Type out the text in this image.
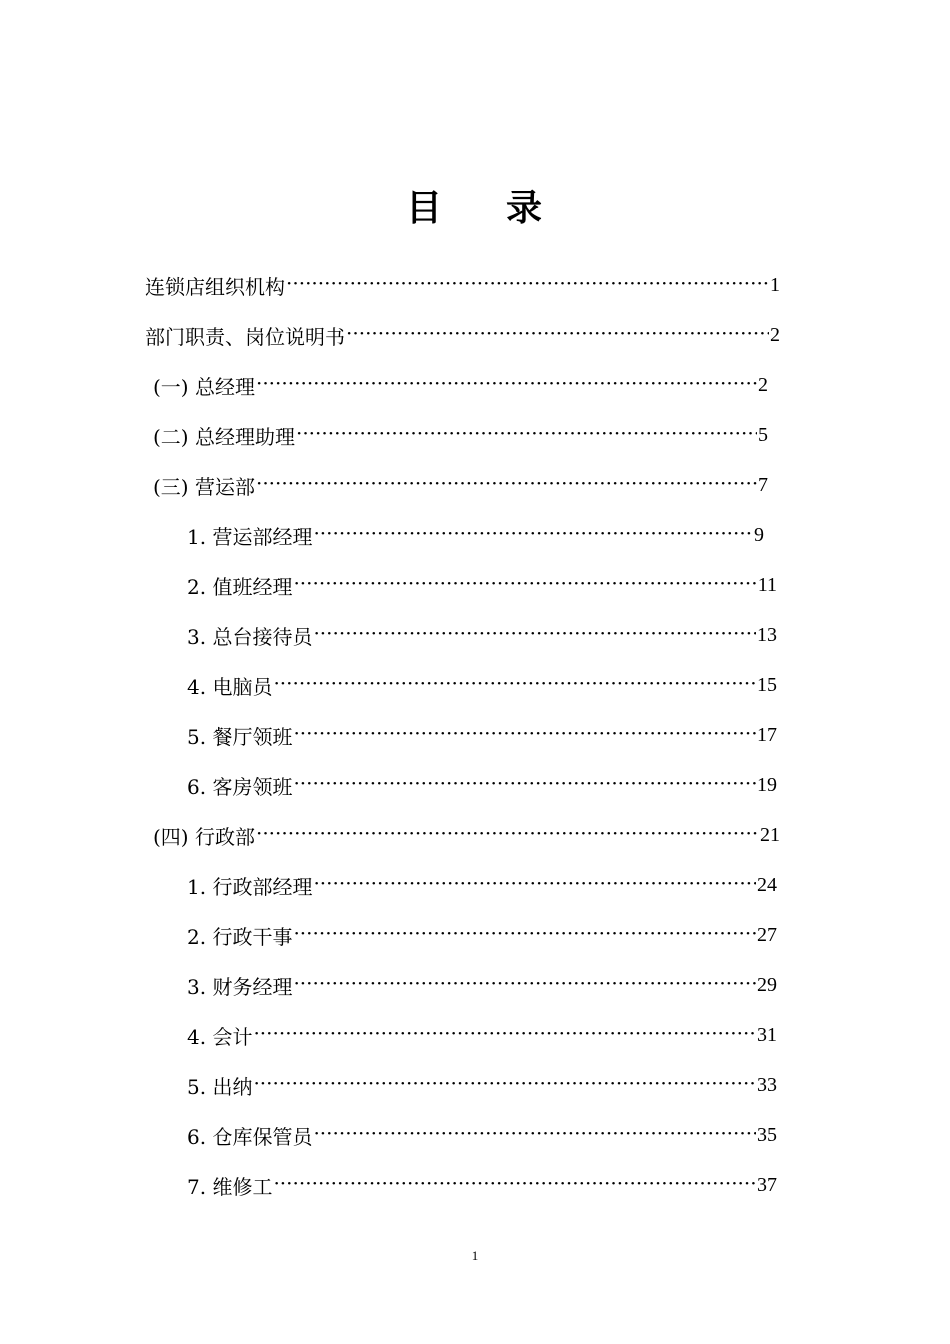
目 录
连锁店组织机构 ·····	1
部门职责、岗位说明书 ·····	2
(一) 总经理 ·····	2
(二) 总经理助理 ·····	5
(三) 营运部 ·····	7
1. 营运部经理 ·····	9
2. 值班经理 ·····	11
3. 总台接待员 ·····	13
4. 电脑员 ·····	15
5. 餐厅领班 ·····	17
6. 客房领班 ·····	19
(四) 行政部 ·····	21
1. 行政部经理 ·····	24
2. 行政干事 ·····	27
3. 财务经理 ·····	29
4. 会计 ·····	31
5. 出纳 ·····	33
6. 仓库保管员 ·····	35
7. 维修工 ·····	37
1
